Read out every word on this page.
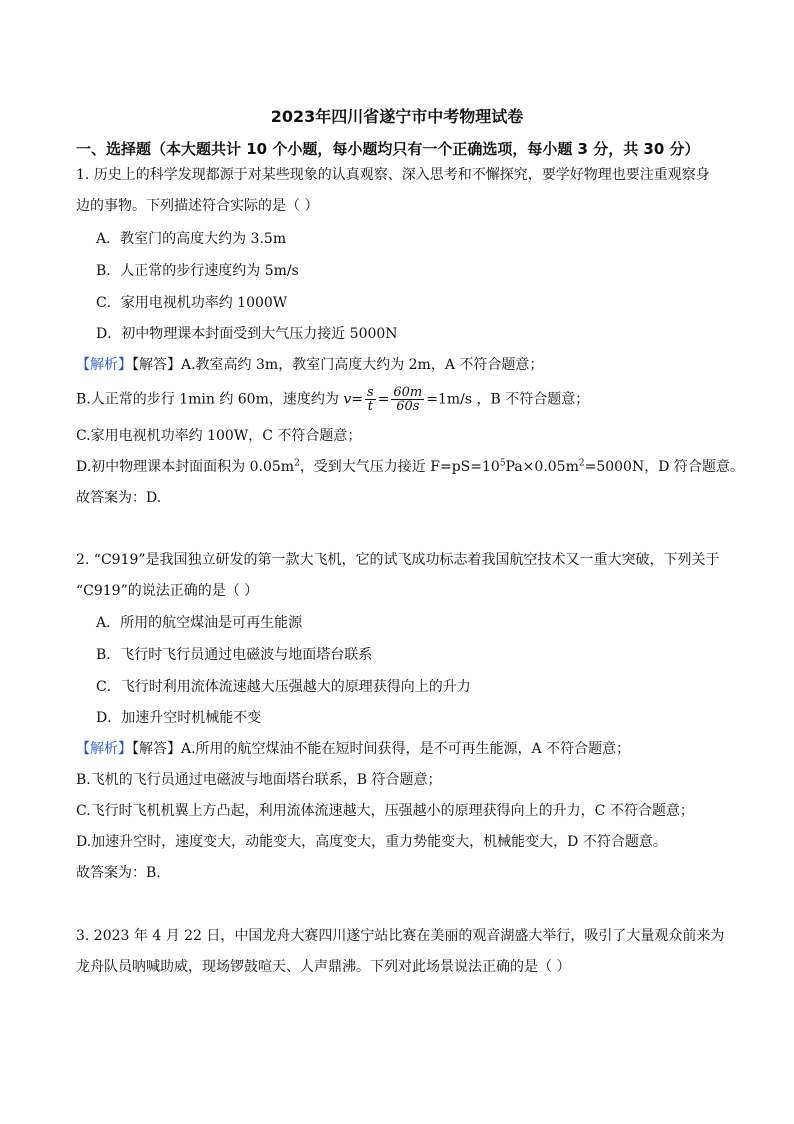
2023年四川省遂宁市中考物理试卷
一、选择题（本大题共计 10 个小题，每小题均只有一个正确选项，每小题 3 分，共 30 分）
1. 历史上的科学发现都源于对某些现象的认真观察、深入思考和不懈探究，要学好物理也要注重观察身
边的事物。下列描述符合实际的是（ ）
A．教室门的高度大约为 3.5m
B．人正常的步行速度约为 5m/s
C．家用电视机功率约 1000W
D．初中物理课本封面受到大气压力接近 5000N
【解析】【解答】A.教室高约 3m，教室门高度大约为 2m，A 不符合题意；
B.人正常的步行 1min 约 60m，速度约为 $v= \frac{s}{t} = \frac{60m}{60s} =1m/s$ ，B 不符合题意；
C.家用电视机功率约 100W，C 不符合题意；
D.初中物理课本封面面积为 $0.05m^2$，受到大气压力接近 $F=pS=10^5Pa\times 0.05m^2=5000N$，D 符合题意。
故答案为：D.
2. “C919”是我国独立研发的第一款大飞机，它的试飞成功标志着我国航空技术又一重大突破，下列关于
“C919”的说法正确的是（ ）
A．所用的航空煤油是可再生能源
B．飞行时飞行员通过电磁波与地面塔台联系
C．飞行时利用流体流速越大压强越大的原理获得向上的升力
D．加速升空时机械能不变
【解析】【解答】A.所用的航空煤油不能在短时间获得，是不可再生能源，A 不符合题意；
B.飞机的飞行员通过电磁波与地面塔台联系，B 符合题意；
C.飞行时飞机机翼上方凸起，利用流体流速越大，压强越小的原理获得向上的升力，C 不符合题意；
D.加速升空时，速度变大，动能变大，高度变大，重力势能变大，机械能变大，D 不符合题意。
故答案为：B.
3. 2023 年 4 月 22 日，中国龙舟大赛四川遂宁站比赛在美丽的观音湖盛大举行，吸引了大量观众前来为
龙舟队员呐喊助威，现场锣鼓喧天、人声鼎沸。下列对此场景说法正确的是（ ）
